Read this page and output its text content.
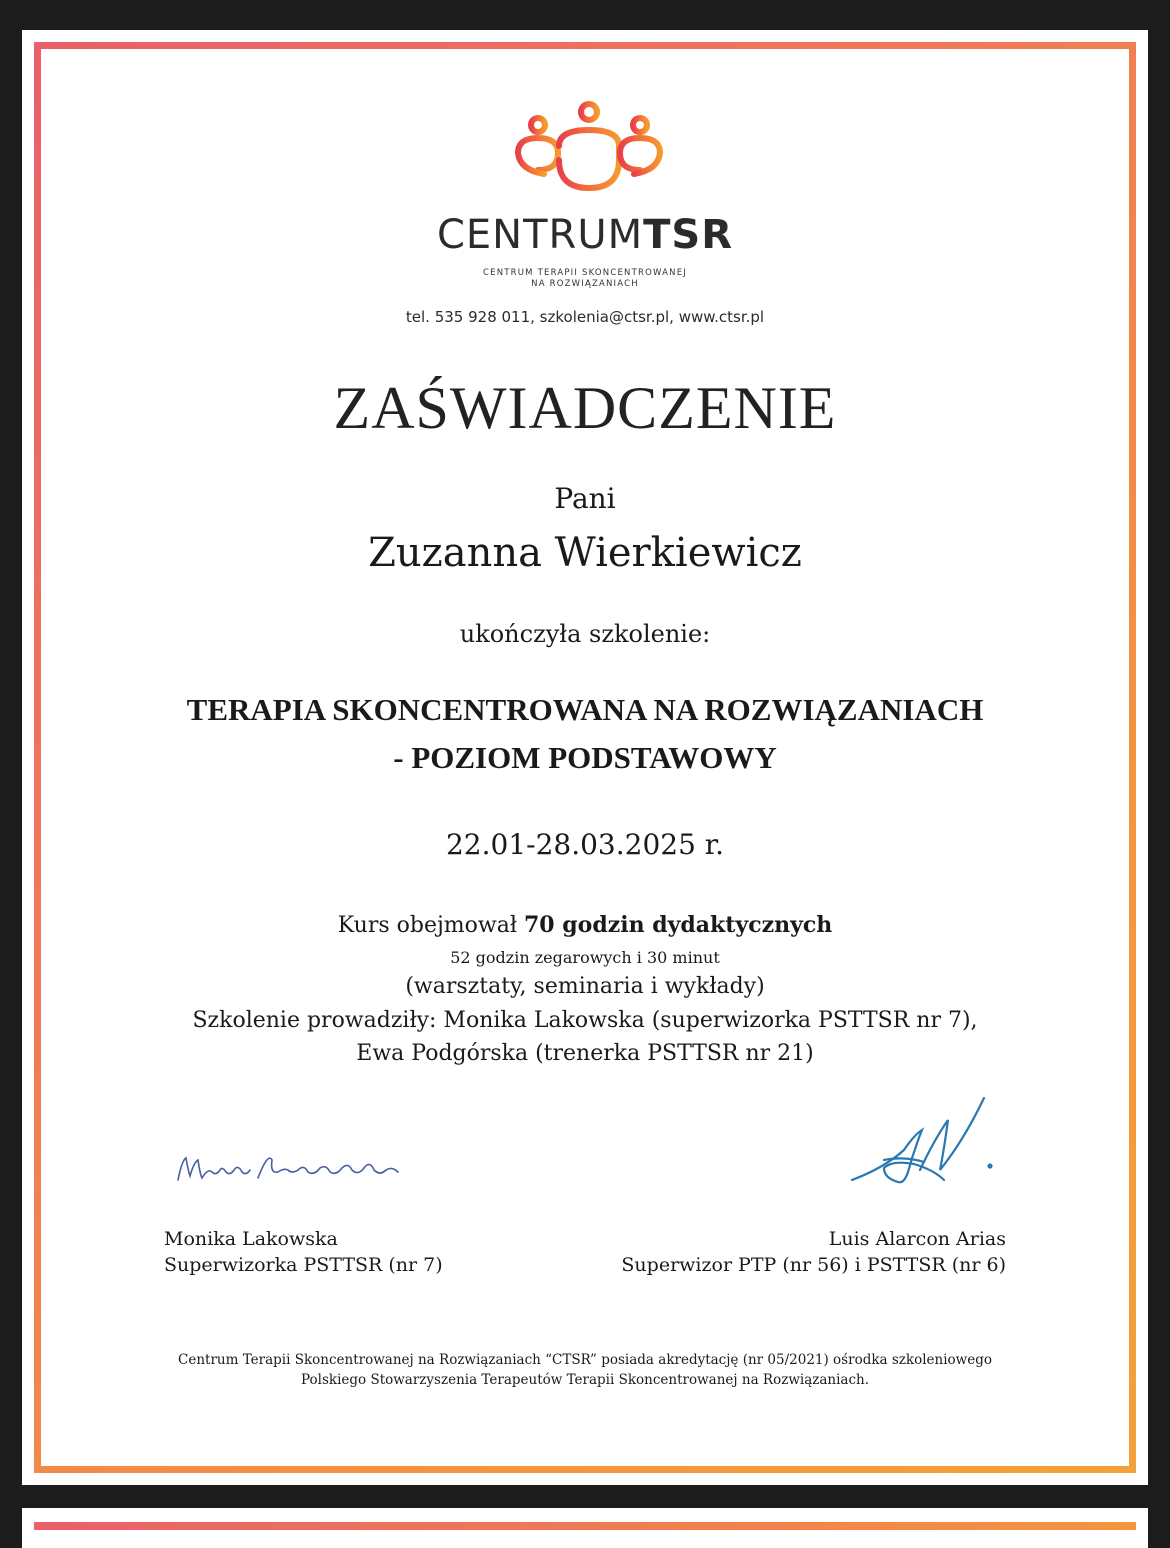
CENTRUMTSR
CENTRUM TERAPII SKONCENTROWANEJ
NA ROZWIĄZANIACH
tel. 535 928 011, szkolenia@ctsr.pl, www.ctsr.pl
ZAŚWIADCZENIE
Pani
Zuzanna Wierkiewicz
ukończyła szkolenie:
TERAPIA SKONCENTROWANA NA ROZWIĄZANIACH
- POZIOM PODSTAWOWY
22.01-28.03.2025 r.
Kurs obejmował 70 godzin dydaktycznych
52 godzin zegarowych i 30 minut
(warsztaty, seminaria i wykłady)
Szkolenie prowadziły: Monika Lakowska (superwizorka PSTTSR nr 7),
Ewa Podgórska (trenerka PSTTSR nr 21)
Monika Lakowska
Superwizorka PSTTSR (nr 7)
Luis Alarcon Arias
Superwizor PTP (nr 56) i PSTTSR (nr 6)
Centrum Terapii Skoncentrowanej na Rozwiązaniach “CTSR” posiada akredytację (nr 05/2021) ośrodka szkoleniowego
Polskiego Stowarzyszenia Terapeutów Terapii Skoncentrowanej na Rozwiązaniach.
